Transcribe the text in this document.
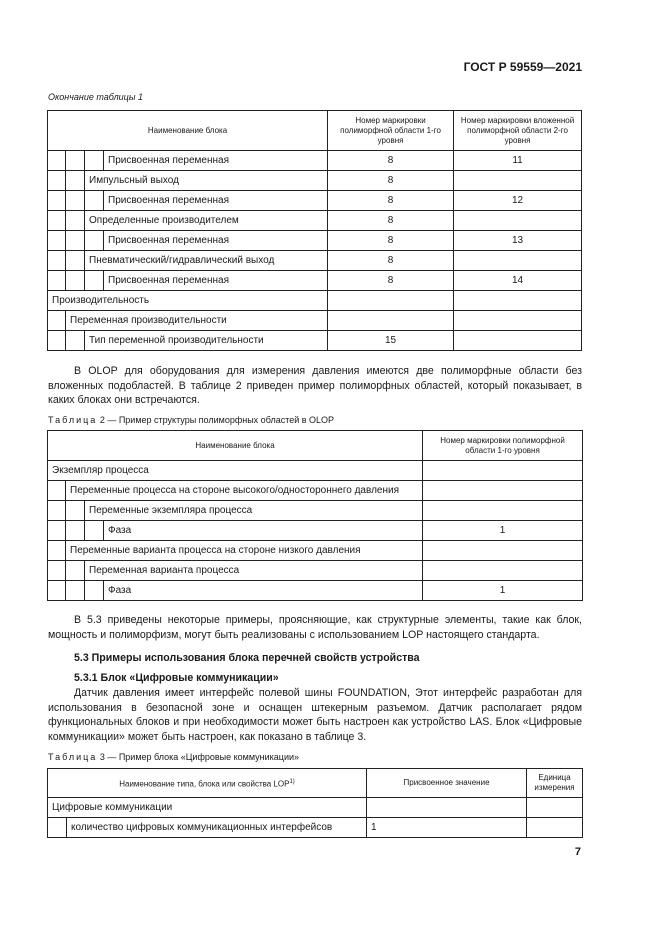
ГОСТ Р 59559—2021
Окончание таблицы 1
Наименование блока				Номер маркировки полиморфной области 1-го уровня	Номер маркировки вложенной полиморфной области 2-го уровня
			Присвоенная переменная	8	11
		Импульсный выход		8	
			Присвоенная переменная	8	12
		Определенные производителем		8	
			Присвоенная переменная	8	13
		Пневматический/гидравлический выход		8	
			Присвоенная переменная	8	14
Производительность					
	Переменная производительности				
		Тип переменной производительности		15	

В OLOP для оборудования для измерения давления имеются две полиморфные области без вложенных подобластей. В таблице 2 приведен пример полиморфных областей, который показывает, в каких блоках они встречаются.

Таблица 2 — Пример структуры полиморфных областей в OLOP
Наименование блока				Номер маркировки полиморфной области 1-го уровня
Экземпляр процесса				
	Переменные процесса на стороне высокого/одностороннего давления			
		Переменные экземпляра процесса		
			Фаза	1
	Переменные варианта процесса на стороне низкого давления			
		Переменная варианта процесса		
			Фаза	1

В 5.3 приведены некоторые примеры, проясняющие, как структурные элементы, такие как блок, мощность и полиморфизм, могут быть реализованы с использованием LOP настоящего стандарта.

5.3 Примеры использования блока перечней свойств устройства
5.3.1 Блок «Цифровые коммуникации»

Датчик давления имеет интерфейс полевой шины FOUNDATION, Этот интерфейс разработан для использования в безопасной зоне и оснащен штекерным разъемом. Датчик располагает рядом функциональных блоков и при необходимости может быть настроен как устройство LAS. Блок «Цифровые коммуникации» может быть настроен, как показано в таблице 3.

Таблица 3 — Пример блока «Цифровые коммуникации»
Наименование типа, блока или свойства LOP$^{1)}$		Присвоенное значение	Единица измерения
Цифровые коммуникации			
	количество цифровых коммуникационных интерфейсов	1	
7
